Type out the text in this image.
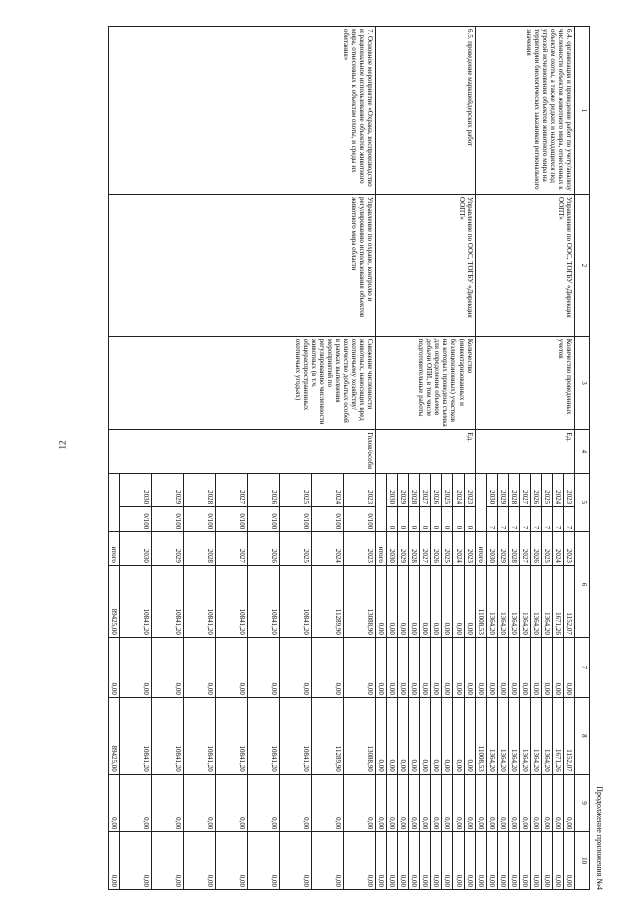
12
Продолжение приложения №4
1	2	3	4	5		6		7	8	9	10
6.4. организация и проведение работ по учету/анализу численности объектов животного мира, отнесенных к объектам охоты, а также редких и находящихся под угрозой исчезновения объектов животного мира на территории биологических заказников регионального значения	Управление по ООС, ТОГБУ «Дирекция ООПТ»	Количество проведенных учетов	Ед.	2023	7	2023	1152,07	0,00	1152,07	0,00	0,00
				2024	7	2024	1671,26	0,00	1671,26	0,00	0,00
				2025	7	2025	1364,20	0,00	1364,20	0,00	0,00
				2026	7	2026	1364,20	0,00	1364,20	0,00	0,00
				2027	7	2027	1364,20	0,00	1364,20	0,00	0,00
				2028	7	2028	1364,20	0,00	1364,20	0,00	0,00
				2029	7	2029	1364,20	0,00	1364,20	0,00	0,00
				2030	7	2030	1364,20	0,00	1364,20	0,00	0,00
						итого	11008,53	0,00	11008,53	0,00	0,00
6.5. проведение маркшейдерских работ	Управление по ООС, ТОГБУ «Дирекция ООПТ»	Количество (инвентаризованных и безлицензионных) участков на которых проведена съемка для определения объемов добычи ОПИ, в том числе подготовительные работы	Ед.	2023	0	2023	0,00	0,00	0,00	0,00	0,00
				2024	0	2024	0,00	0,00	0,00	0,00	0,00
				2025	0	2025	0,00	0,00	0,00	0,00	0,00
				2026	0	2026	0,00	0,00	0,00	0,00	0,00
				2027	0	2027	0,00	0,00	0,00	0,00	0,00
				2028	0	2028	0,00	0,00	0,00	0,00	0,00
				2029	0	2029	0,00	0,00	0,00	0,00	0,00
				2030	0	2030	0,00	0,00	0,00	0,00	0,00
						итого	0,00	0,00	0,00	0,00	0,00
7. Основное мероприятие «Охрана, воспроизводство и рациональное использование объектов животного мира, отнесенных к объектам охоты, и среды их обитания»	Управление по охране, контролю и регулированию использования объектов животного мира области	Снижение численности животных, наносящих вред охотничьему хозяйству/количество добытых особей в рамках выполнения мероприятий по регулированию численности животных (в т.ч. общераспространенных охотничьих угодьях)	Голов/особи	2023	0/100	2023	13088,90	0,00	13088,90	0,00	0,00
				2024	0/100	2024	11289,90	0,00	11289,90	0,00	0,00
				2025	0/100	2025	10841,20	0,00	10841,20	0,00	0,00
				2026	0/100	2026	10841,20	0,00	10841,20	0,00	0,00
				2027	0/100	2027	10841,20	0,00	10841,20	0,00	0,00
				2028	0/100	2028	10841,20	0,00	10841,20	0,00	0,00
				2029	0/100	2029	10841,20	0,00	10841,20	0,00	0,00
				2030	0/100	2030	10841,20	0,00	10841,20	0,00	0,00
						итого	89425,00	0,00	89425,00	0,00	0,00
